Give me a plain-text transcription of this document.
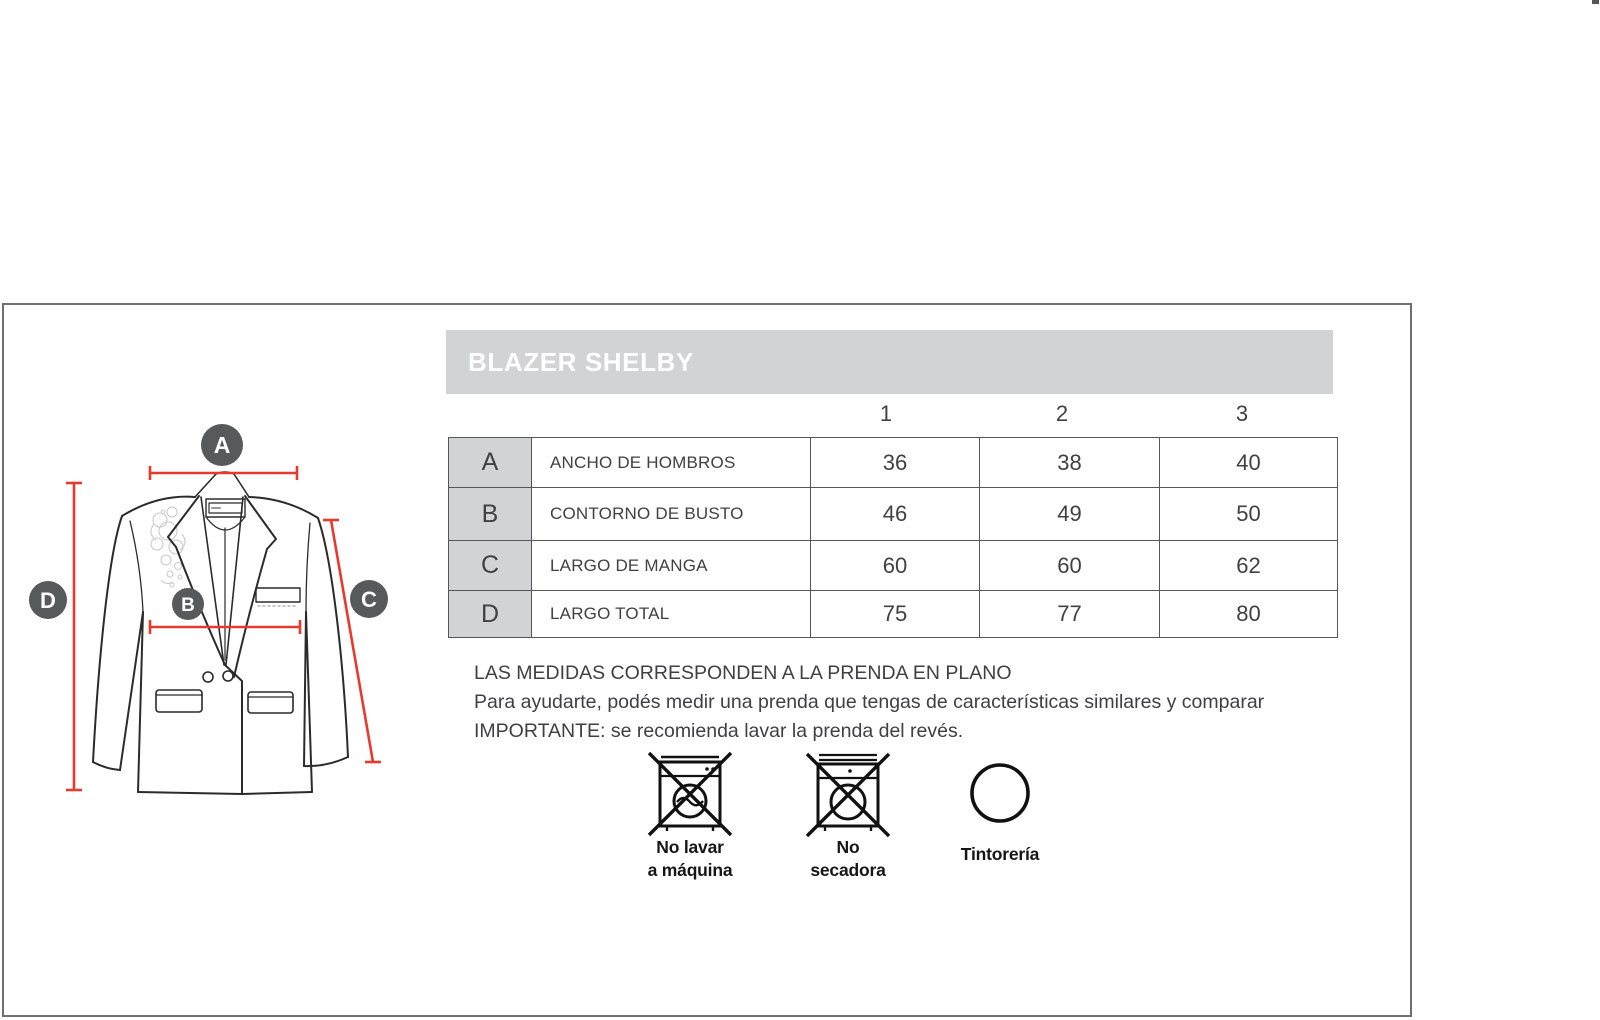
A
B	C
D
BLAZER SHELBY
1	2	3
A	ANCHO DE HOMBROS	36	38	40
B	CONTORNO DE BUSTO	46	49	50
C	LARGO DE MANGA	60	60	62
D	LARGO TOTAL	75	77	80
LAS MEDIDAS CORRESPONDEN A LA PRENDA EN PLANO
Para ayudarte, podés medir una prenda que tengas de características similares y comparar
IMPORTANTE: se recomienda lavar la prenda del revés.
No lavar
a máquina
No
secadora
Tintorería
